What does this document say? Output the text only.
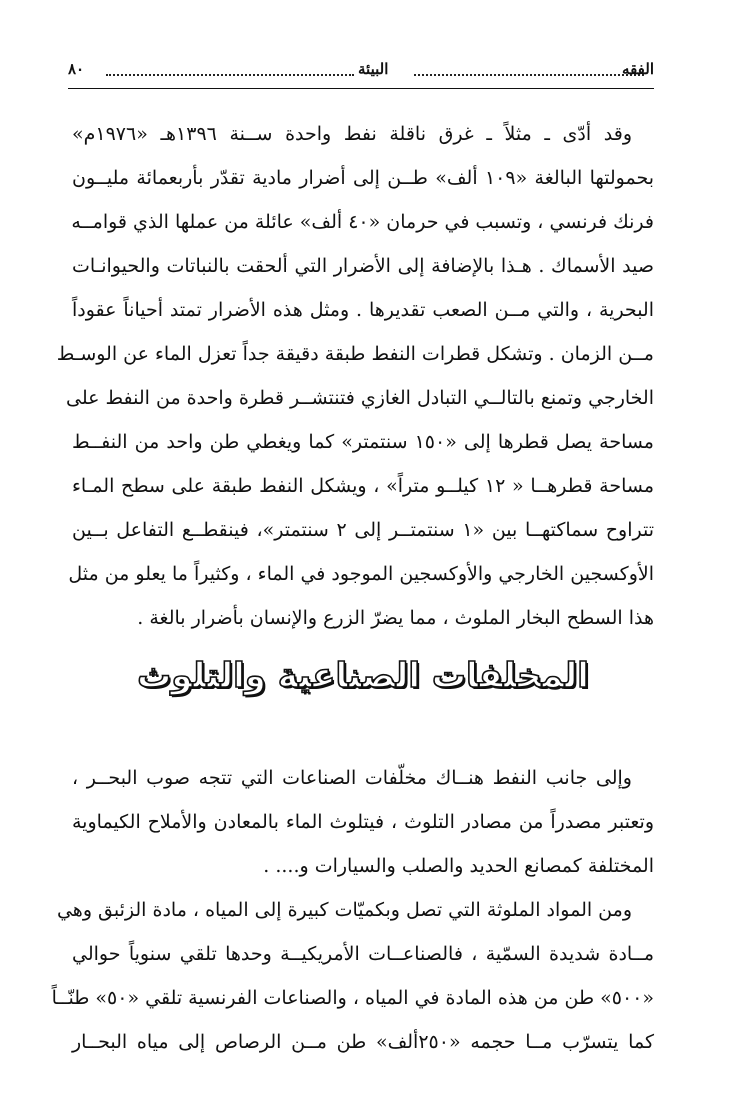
٨٠	البيئة	الفقه
وقد أدّى ـ مثلاً ـ غرق ناقلة نفط واحدة ســنة ١٣٩٦هـ «١٩٧٦م»
بحمولتها البالغة «١٠٩ ألف» طــن إلى أضرار مادية تقدّر بأربعمائة مليــون
فرنك فرنسي ، وتسبب في حرمان «٤٠ ألف» عائلة من عملها الذي قوامــه
صيد الأسماك . هـذا بالإضافة إلى الأضرار التي ألحقت بالنباتات والحيوانـات
البحرية ، والتي مــن الصعب تقديرها . ومثل هذه الأضرار تمتد أحياناً عقوداً
مــن الزمان . وتشكل قطرات النفط طبقة دقيقة جداً تعزل الماء عن الوسـط
الخارجي وتمنع بالتالــي التبادل الغازي فتنتشــر قطرة واحدة من النفط على
مساحة يصل قطرها إلى «١٥٠ سنتمتر» كما ويغطي طن واحد من النفــط
مساحة قطرهــا « ١٢ كيلــو متراً» ، ويشكل النفط طبقة على سطح المـاء
تتراوح سماكتهــا بين «١ سنتمتــر إلى ٢ سنتمتر»، فينقطــع التفاعل بــين
الأوكسجين الخارجي والأوكسجين الموجود في الماء ، وكثيراً ما يعلو من مثل
هذا السطح البخار الملوث ، مما يضرّ الزرع والإنسان بأضرار بالغة .
المخلفات الصناعية والتلوث
وإلى جانب النفط هنــاك مخلّفات الصناعات التي تتجه صوب البحــر ،
وتعتبر مصدراً من مصادر التلوث ، فيتلوث الماء بالمعادن والأملاح الكيماوية
المختلفة كمصانع الحديد والصلب والسيارات و.... .
ومن المواد الملوثة التي تصل وبكميّات كبيرة إلى المياه ، مادة الزئبق وهي
مــادة شديدة السمّية ، فالصناعــات الأمريكيــة وحدها تلقي سنوياً حوالي
«٥٠٠» طن من هذه المادة في المياه ، والصناعات الفرنسية تلقي «٥٠» طنّــاً
كما يتسرّب مــا حجمه «٢٥٠ألف» طن مــن الرصاص إلى مياه البحــار
